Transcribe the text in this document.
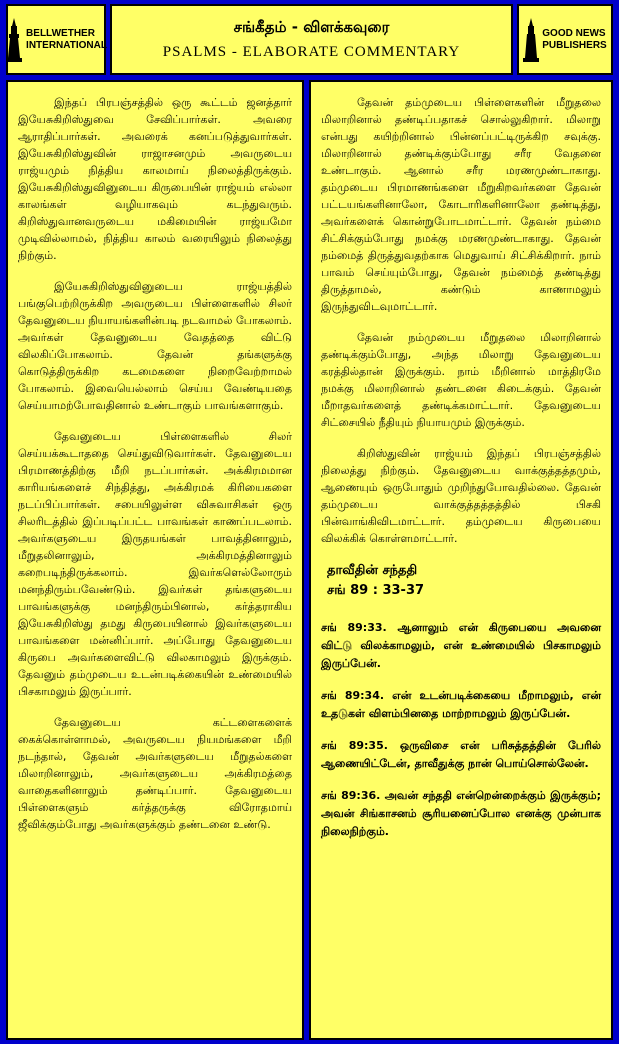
BELLWETHER
INTERNATIONAL
சங்கீதம் - விளக்கவுரை
PSALMS - ELABORATE COMMENTARY
GOOD NEWS
PUBLISHERS

இந்தப் பிரபஞ்சத்தில் ஒரு கூட்டம் ஜனத்தார் இயேசுகிறிஸ்துவை சேவிப்பார்கள். அவரை ஆராதிப்பார்கள். அவரைக் கனப்படுத்துவார்கள். இயேசுகிறிஸ்துவின் ராஜாசனமும் அவருடைய ராஜ்யமும் நித்திய காலமாய் நிலைத்திருக்கும். இயேசுகிறிஸ்துவினுடைய கிருபையின் ராஜ்யம் எல்லா காலங்கள் வழியாகவும் கடந்துவரும். கிறிஸ்துவானவருடைய மகிமையின் ராஜ்யமோ முடிவில்லாமல், நித்திய காலம் வரையிலும் நிலைத்து நிற்கும்.

இயேசுகிறிஸ்துவினுடைய ராஜ்யத்தில் பங்குபெற்றிருக்கிற அவருடைய பிள்ளைகளில் சிலர் தேவனுடைய நியாயங்களின்படி நடவாமல் போகலாம். அவர்கள் தேவனுடைய வேதத்தை விட்டு விலகிப்போகலாம். தேவன் தங்களுக்கு கொடுத்திருக்கிற கடமைகளை நிறைவேற்றாமல் போகலாம். இவையெல்லாம் செய்ய வேண்டியதை செய்யாமற்போவதினால் உண்டாகும் பாவங்களாகும்.

தேவனுடைய பிள்ளைகளில் சிலர் செய்யக்கூடாததை செய்துவிடுவார்கள். தேவனுடைய பிரமாணத்திற்கு மீறி நடப்பார்கள். அக்கிரமமான காரியங்களைச் சிந்தித்து, அக்கிரமக் கிரியைகளை நடப்பிப்பார்கள். சபையிலுள்ள விசுவாசிகள் ஒரு சிலரிடத்தில் இப்படிப்பட்ட பாவங்கள் காணப்படலாம். அவர்களுடைய இருதயங்கள் பாவத்தினாலும், மீறுதலினாலும், அக்கிரமத்தினாலும் கறைபடிந்திருக்கலாம். இவர்களெல்லோரும் மனந்திரும்பவேண்டும். இவர்கள் தங்களுடைய பாவங்களுக்கு மனந்திரும்பினால், கர்த்தராகிய இயேசுகிறிஸ்து தமது கிருபையினால் இவர்களுடைய பாவங்களை மன்னிப்பார். அப்போது தேவனுடைய கிருபை அவர்களைவிட்டு விலகாமலும் இருக்கும். தேவனும் தம்முடைய உடன்படிக்கையின் உண்மையில் பிசகாமலும் இருப்பார்.

தேவனுடைய கட்டளைகளைக் கைக்கொள்ளாமல், அவருடைய நியமங்களை மீறி நடந்தால், தேவன் அவர்களுடைய மீறுதல்களை மிலாறினாலும், அவர்களுடைய அக்கிரமத்தை வாதைகளினாலும் தண்டிப்பார். தேவனுடைய பிள்ளைகளும் கர்த்தருக்கு விரோதமாய் ஜீவிக்கும்போது அவர்களுக்கும் தண்டனை உண்டு.

தேவன் தம்முடைய பிள்ளைகளின் மீறுதலை மிலாறினால் தண்டிப்பதாகச் சொல்லுகிறார். மிலாறு என்பது கயிற்றினால் பின்னப்பட்டிருக்கிற சவுக்கு. மிலாறினால் தண்டிக்கும்போது சரீர வேதனை உண்டாகும். ஆனால் சரீர மரணமுண்டாகாது. தம்முடைய பிரமாணங்களை மீறுகிறவர்களை தேவன் பட்டயங்களினாலோ, கோடாரிகளினாலோ தண்டித்து, அவர்களைக் கொன்றுபோடமாட்டார். தேவன் நம்மை சிட்சிக்கும்போது நமக்கு மரணமுண்டாகாது. தேவன் நம்மைத் திருத்துவதற்காக மெதுவாய் சிட்சிக்கிறார். நாம் பாவம் செய்யும்போது, தேவன் நம்மைத் தண்டித்து திருத்தாமல், கண்டும் காணாமலும் இருந்துவிடவுமாட்டார்.

தேவன் நம்முடைய மீறுதலை மிலாறினால் தண்டிக்கும்போது, அந்த மிலாறு தேவனுடைய கரத்தில்தான் இருக்கும். நாம் மீறினால் மாத்திரமே நமக்கு மிலாறினால் தண்டனை கிடைக்கும். தேவன் மீறாதவர்களைத் தண்டிக்கமாட்டார். தேவனுடைய சிட்சையில் நீதியும் நியாயமும் இருக்கும்.

கிறிஸ்துவின் ராஜ்யம் இந்தப் பிரபஞ்சத்தில் நிலைத்து நிற்கும். தேவனுடைய வாக்குத்தத்தமும், ஆணையும் ஒருபோதும் முறிந்துபோவதில்லை. தேவன் தம்முடைய வாக்குத்தத்தத்தில் பிசகி பின்வாங்கிவிடமாட்டார். தம்முடைய கிருபையை விலக்கிக் கொள்ளமாட்டார்.

தாவீதின் சந்ததி
சங் 89 : 33-37

சங் 89:33. ஆனாலும் என் கிருபையை அவனை விட்டு விலக்காமலும், என் உண்மையில் பிசகாமலும் இருப்பேன்.

சங் 89:34. என் உடன்படிக்கையை மீறாமலும், என் உதடுகள் விளம்பினதை மாற்றாமலும் இருப்பேன்.

சங் 89:35. ஒருவிசை என் பரிசுத்தத்தின் பேரில் ஆணையிட்டேன், தாவீதுக்கு நான் பொய்சொல்லேன்.

சங் 89:36. அவன் சந்ததி என்றென்றைக்கும் இருக்கும்; அவன் சிங்காசனம் சூரியனைப்போல எனக்கு முன்பாக நிலைநிற்கும்.
